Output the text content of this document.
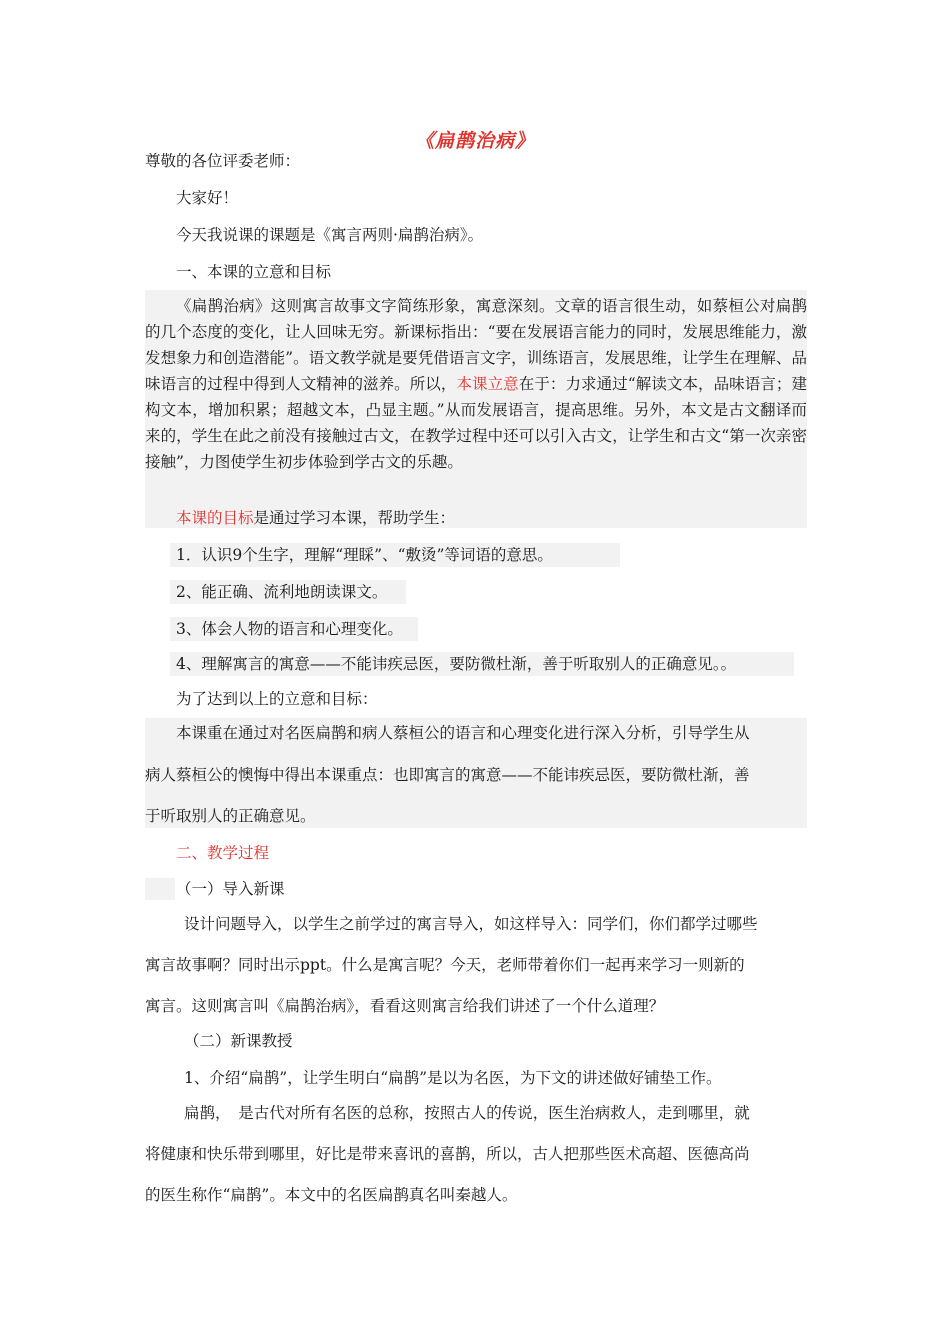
《扁鹊治病》
尊敬的各位评委老师：
大家好！
今天我说课的课题是《寓言两则·扁鹊治病》。
一、本课的立意和目标
《扁鹊治病》这则寓言故事文字简练形象，寓意深刻。文章的语言很生动，如蔡桓公对扁鹊的几个态度的变化，让人回味无穷。新课标指出：“要在发展语言能力的同时，发展思维能力，激发想象力和创造潜能”。语文教学就是要凭借语言文字，训练语言，发展思维，让学生在理解、品味语言的过程中得到人文精神的滋养。所以，本课立意在于：力求通过“解读文本，品味语言；建构文本，增加积累；超越文本，凸显主题。”从而发展语言，提高思维。另外，本文是古文翻译而来的，学生在此之前没有接触过古文，在教学过程中还可以引入古文，让学生和古文“第一次亲密接触”，力图使学生初步体验到学古文的乐趣。
本课的目标是通过学习本课，帮助学生：
1．认识9个生字，理解“理睬”、“敷烫”等词语的意思。
2、能正确、流利地朗读课文。
3、体会人物的语言和心理变化。
4、理解寓言的寓意——不能讳疾忌医，要防微杜渐，善于听取别人的正确意见。。
为了达到以上的立意和目标：
本课重在通过对名医扁鹊和病人蔡桓公的语言和心理变化进行深入分析，引导学生从
病人蔡桓公的懊悔中得出本课重点：也即寓言的寓意——不能讳疾忌医，要防微杜渐，善
于听取别人的正确意见。
二、教学过程
（一）导入新课
设计问题导入，以学生之前学过的寓言导入，如这样导入：同学们，你们都学过哪些
寓言故事啊？同时出示ppt。什么是寓言呢？今天，老师带着你们一起再来学习一则新的
寓言。这则寓言叫《扁鹊治病》，看看这则寓言给我们讲述了一个什么道理？
（二）新课教授
1、介绍“扁鹊”，让学生明白“扁鹊”是以为名医，为下文的讲述做好铺垫工作。
扁鹊，　是古代对所有名医的总称，按照古人的传说，医生治病救人，走到哪里，就
将健康和快乐带到哪里，好比是带来喜讯的喜鹊，所以，古人把那些医术高超、医德高尚
的医生称作“扁鹊”。本文中的名医扁鹊真名叫秦越人。
